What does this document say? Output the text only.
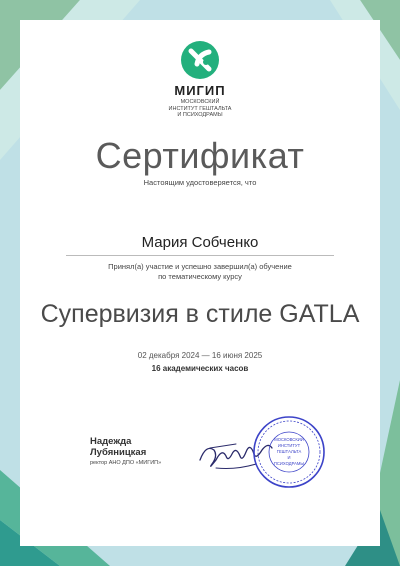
МИГИП
МОСКОВСКИЙ
ИНСТИТУТ ГЕШТАЛЬТА
И ПСИХОДРАМЫ
Сертификат
Настоящим удостоверяется, что
Мария Собченко
Принял(а) участие и успешно завершил(а) обучение
по тематическому курсу
Супервизия в стиле GATLA
02 декабря 2024 — 16 июня 2025
16 академических часов
Надежда
Лубяницкая
ректор АНО ДПО «МИГИП»
МОСКОВСКИЙ
ИНСТИТУТ
ГЕШТАЛЬТА
И
ПСИХОДРАМЫ
